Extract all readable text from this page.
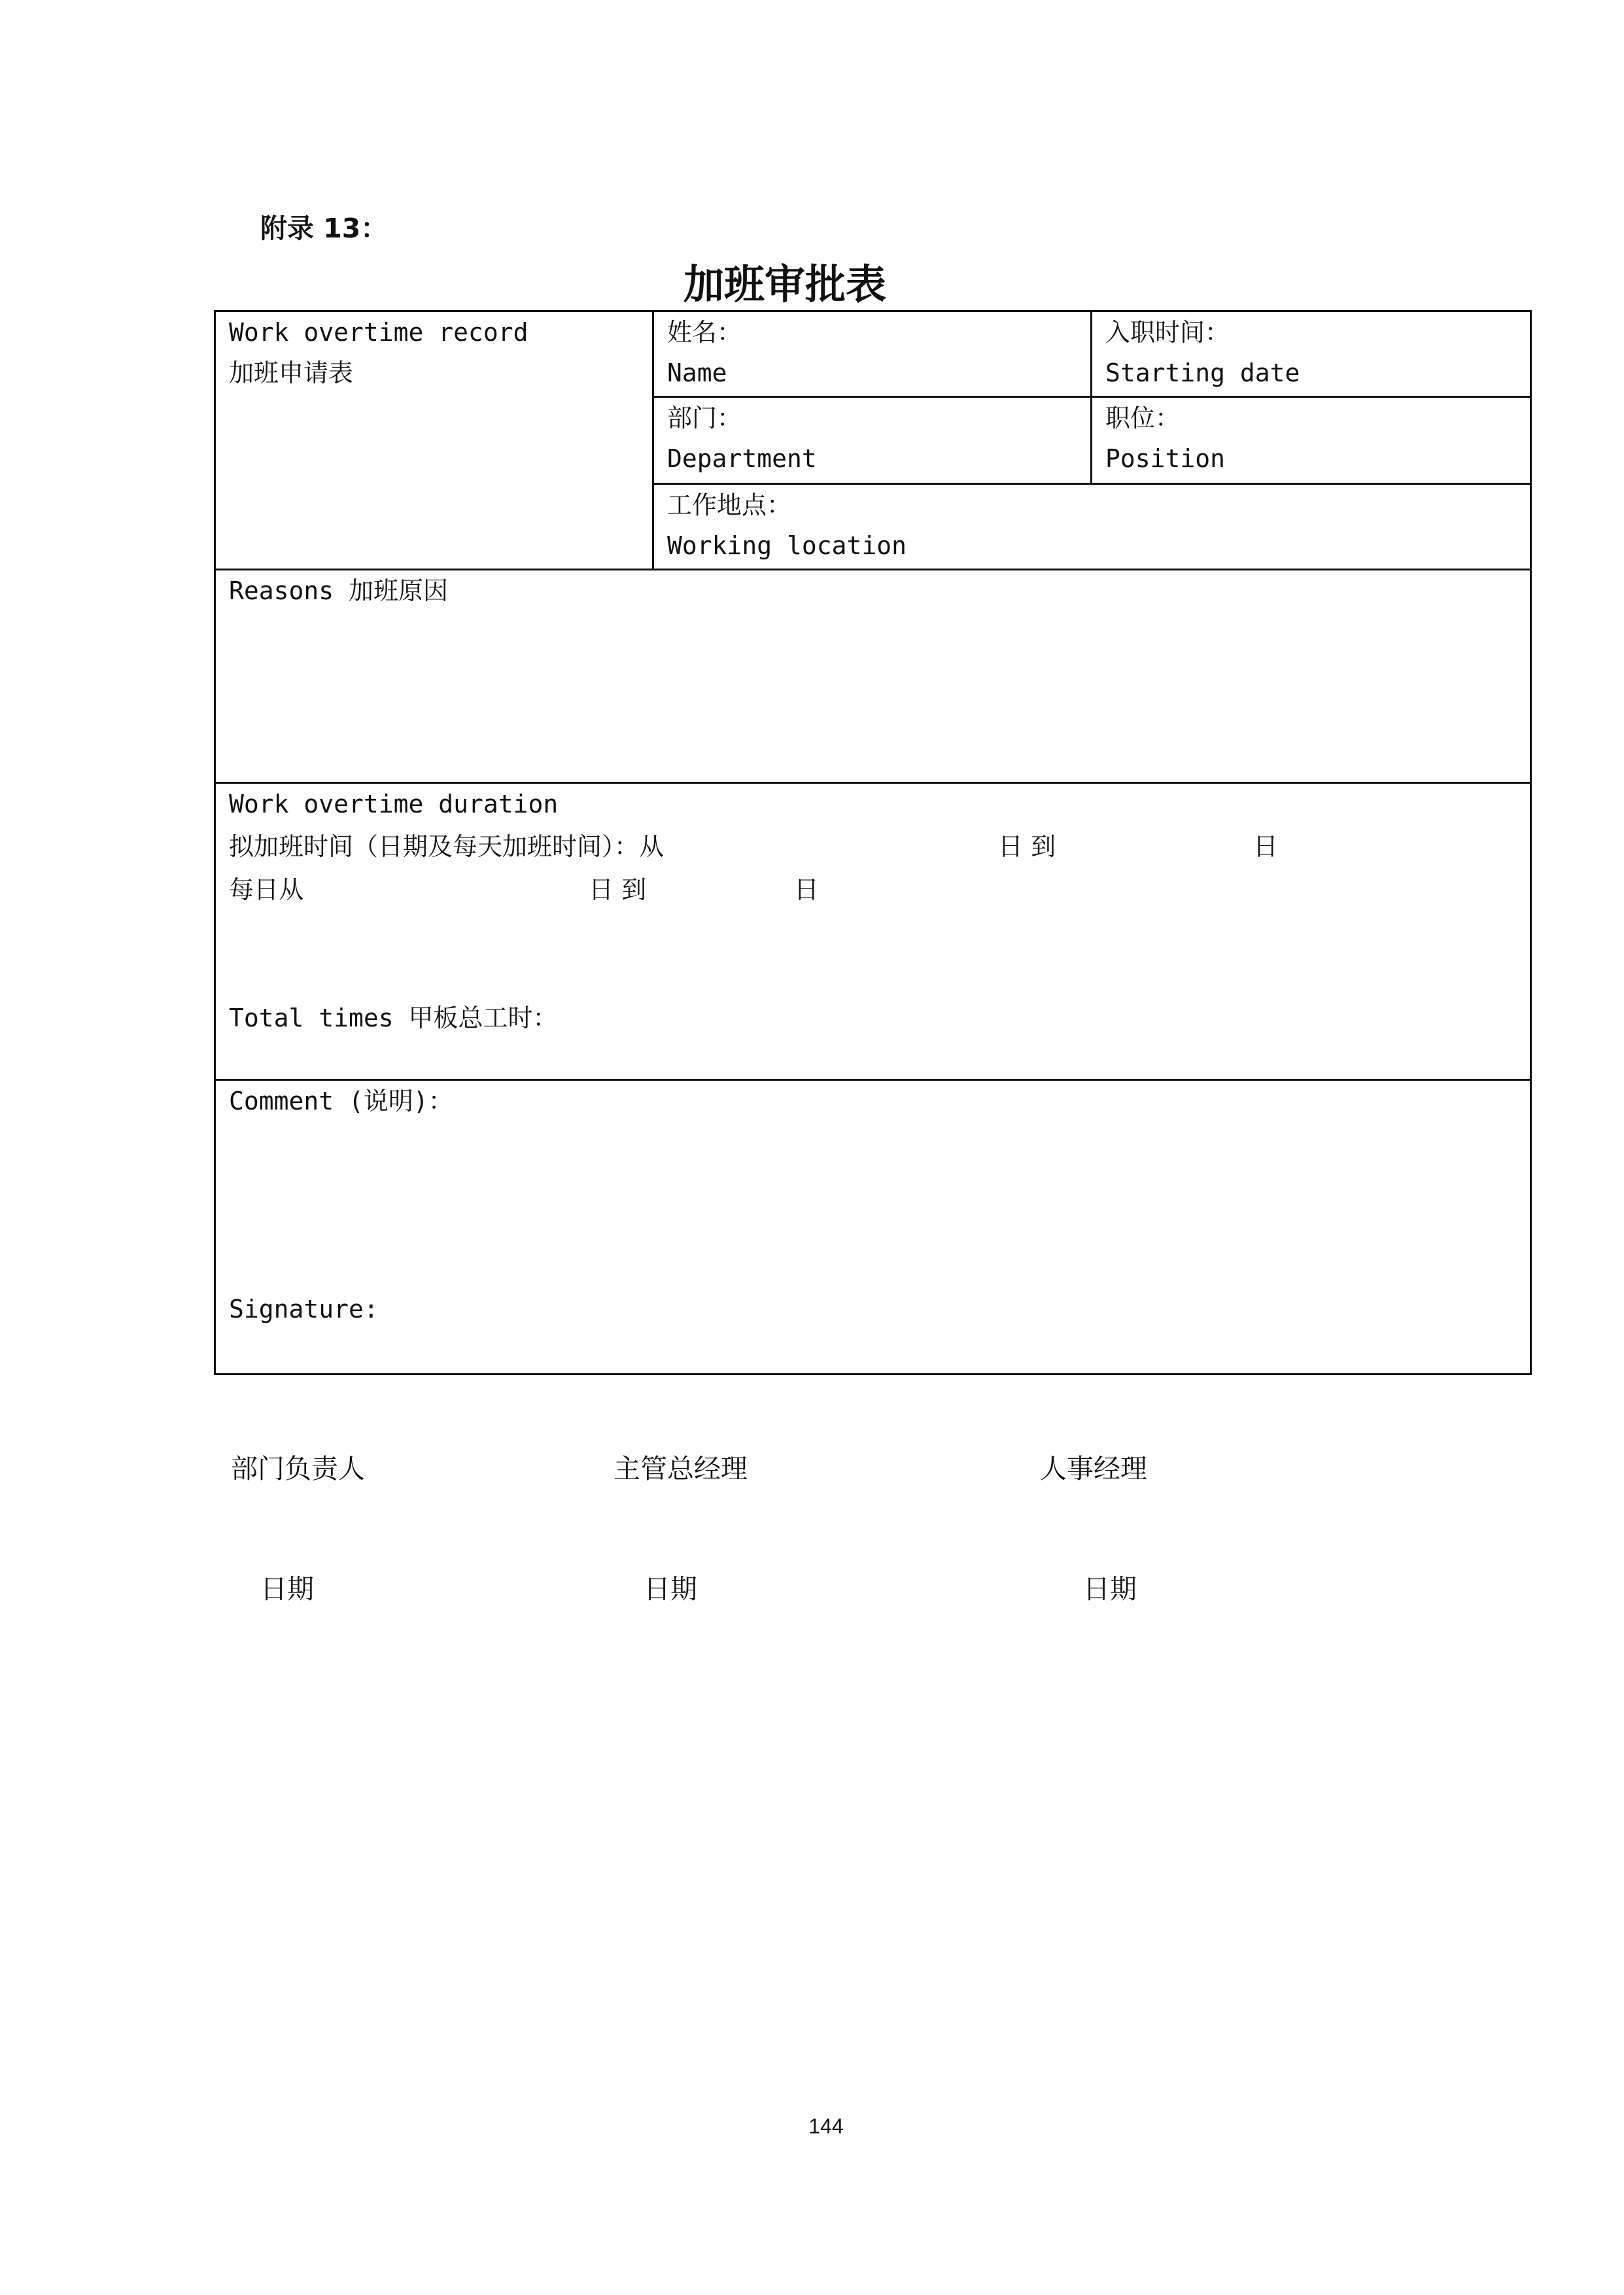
附录 13：
加班审批表
Work overtime record
加班申请表
姓名：
Name
入职时间：
Starting date
部门：
Department
职位：
Position
工作地点：
Working location
Reasons 加班原因
Work overtime duration
拟加班时间（日期及每天加班时间）：从	日 到	日
每日从	日 到	日
Total times 甲板总工时：
Comment (说明)：
Signature:
部门负责人	主管总经理	人事经理
日期	日期	日期
144
